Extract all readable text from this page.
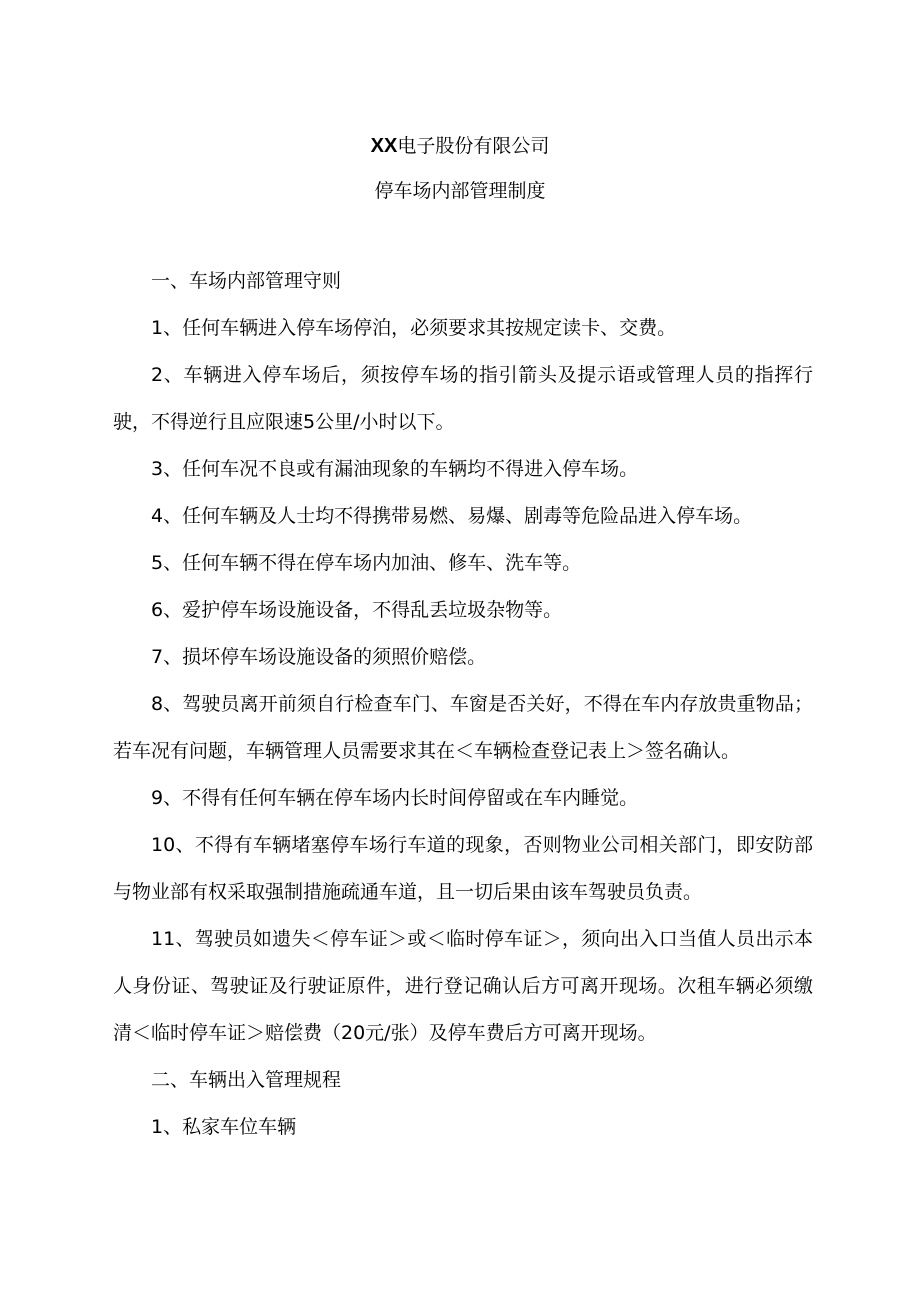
XX电子股份有限公司
停车场内部管理制度

一、车场内部管理守则

1、任何车辆进入停车场停泊，必须要求其按规定读卡、交费。

2、车辆进入停车场后，须按停车场的指引箭头及提示语或管理人员的指挥行驶，不得逆行且应限速5公里/小时以下。

3、任何车况不良或有漏油现象的车辆均不得进入停车场。

4、任何车辆及人士均不得携带易燃、易爆、剧毒等危险品进入停车场。

5、任何车辆不得在停车场内加油、修车、洗车等。

6、爱护停车场设施设备，不得乱丢垃圾杂物等。

7、损坏停车场设施设备的须照价赔偿。

8、驾驶员离开前须自行检查车门、车窗是否关好，不得在车内存放贵重物品；若车况有问题，车辆管理人员需要求其在＜车辆检查登记表上＞签名确认。

9、不得有任何车辆在停车场内长时间停留或在车内睡觉。

10、不得有车辆堵塞停车场行车道的现象，否则物业公司相关部门，即安防部与物业部有权采取强制措施疏通车道，且一切后果由该车驾驶员负责。

11、驾驶员如遗失＜停车证＞或＜临时停车证＞，须向出入口当值人员出示本人身份证、驾驶证及行驶证原件，进行登记确认后方可离开现场。次租车辆必须缴清＜临时停车证＞赔偿费（20元/张）及停车费后方可离开现场。

二、车辆出入管理规程

1、私家车位车辆
